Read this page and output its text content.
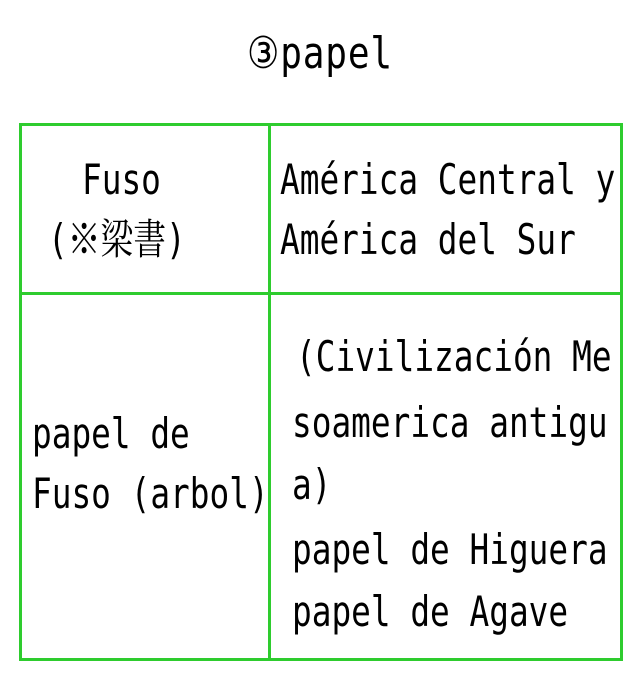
③papel
Fuso
(※梁書)
América Central y
América del Sur
papel de
Fuso (arbol)
(Civilización Me
soamerica antigu
a)
papel de Higuera
papel de Agave
